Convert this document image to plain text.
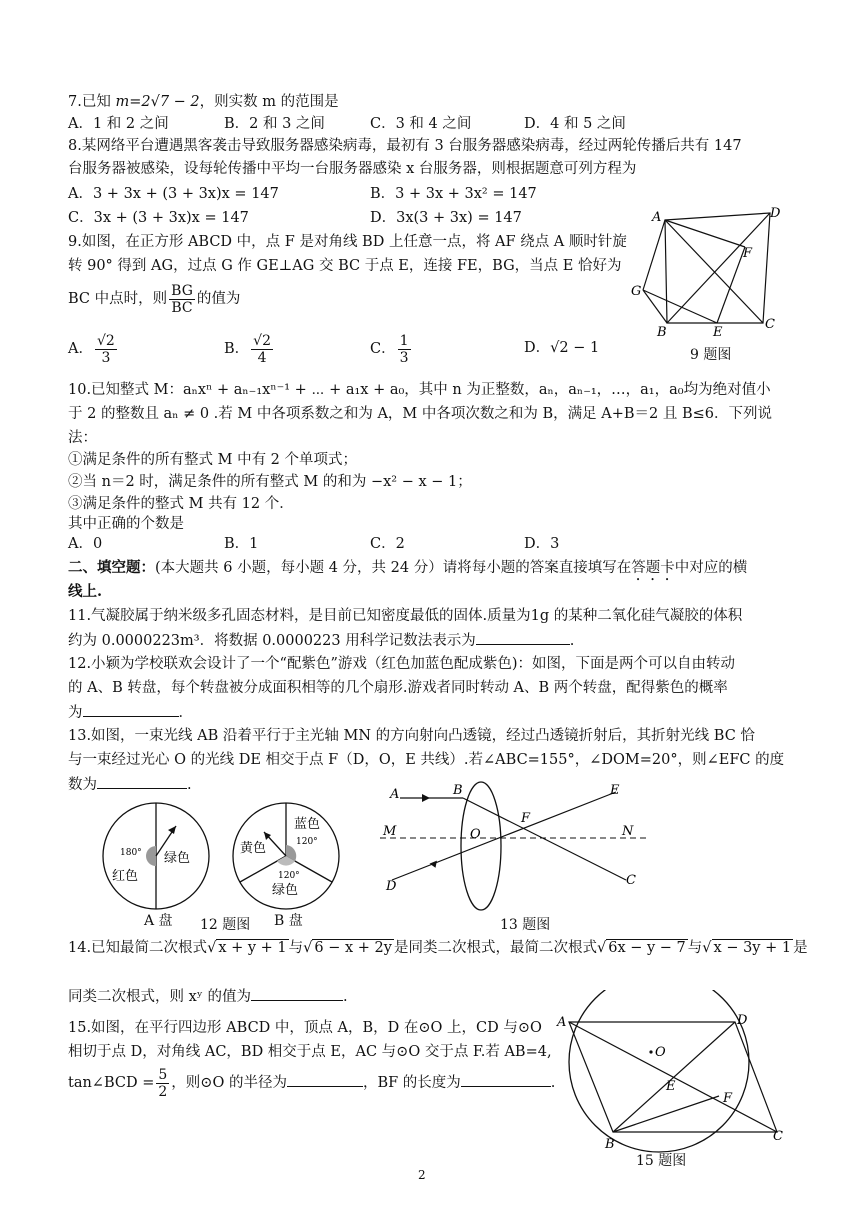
7.已知 m=2√7 − 2，则实数 m 的范围是
A．1 和 2 之间	B．2 和 3 之间	C．3 和 4 之间	D．4 和 5 之间
8.某网络平台遭遇黑客袭击导致服务器感染病毒，最初有 3 台服务器感染病毒，经过两轮传播后共有 147
台服务器被感染，设每轮传播中平均一台服务器感染 x 台服务器，则根据题意可列方程为
A．3 + 3x + (3 + 3x)x = 147	B．3 + 3x + 3x² = 147
C．3x + (3 + 3x)x = 147	D．3x(3 + 3x) = 147
9.如图，在正方形 ABCD 中，点 F 是对角线 BD 上任意一点，将 AF 绕点 A 顺时针旋
转 90° 得到 AG，过点 G 作 GE⊥AG 交 BC 于点 E，连接 FE，BG，当点 E 恰好为
BC 中点时，则 $\frac{BG}{BC}$ 的值为
A． $\frac{√2}{3}$	B． $\frac{√2}{4}$	C． $\frac{1}{3}$	D．√2 − 1
A	D
F
G
B	E
C
9 题图
10.已知整式 M：aₙxⁿ + aₙ₋₁xⁿ⁻¹ + ⋯ + a₁x + a₀，其中 n 为正整数，aₙ，aₙ₋₁，…，a₁，a₀均为绝对值小
于 2 的整数且 aₙ ≠ 0 .若 M 中各项系数之和为 A，M 中各项次数之和为 B，满足 A+B＝2 且 B≤6．下列说
法：
①满足条件的所有整式 M 中有 2 个单项式；
②当 n＝2 时，满足条件的所有整式 M 的和为 −x² − x − 1；
③满足条件的整式 M 共有 12 个．
其中正确的个数是
A．0	B．1	C．2	D．3
二、填空题：(本大题共 6 小题，每小题 4 分，共 24 分）请将每小题的答案直接填写在答题卡中对应的横
线上.
11.气凝胶属于纳米级多孔固态材料，是目前已知密度最低的固体.质量为1g 的某种二氧化硅气凝胶的体积
约为 0.0000223m³．将数据 0.0000223 用科学记数法表示为	.
12.小颖为学校联欢会设计了一个“配紫色”游戏（红色加蓝色配成紫色)：如图，下面是两个可以自由转动
的 A、B 转盘，每个转盘被分成面积相等的几个扇形.游戏者同时转动 A、B 两个转盘，配得紫色的概率
为	．
13.如图，一束光线 AB 沿着平行于主光轴 MN 的方向射向凸透镜，经过凸透镜折射后，其折射光线 BC 恰
与一束经过光心 O 的光线 DE 相交于点 F（D，O，E 共线）.若∠ABC=155°，∠DOM=20°，则∠EFC 的度
数为	.
180°
红色
绿色
蓝色
120°
黄色
120°
绿色
A 盘 12 题图 B 盘
A	B	E
M	O
F
N
D	C
13 题图
14.已知最简二次根式√ x + y + 1 与√ 6 − x + 2y 是同类二次根式，最简二次根式√ 6x − y − 7 与√ x − 3y + 1 是
同类二次根式，则 xʸ 的值为	.
15.如图，在平行四边形 ABCD 中，顶点 A，B，D 在⊙O 上，CD 与⊙O
相切于点 D，对角线 AC，BD 相交于点 E，AC 与⊙O 交于点 F.若 AB=4,
tan∠BCD = $\frac{5}{2}$ ，则⊙O 的半径为	，BF 的长度为	.
A	D
O
E
F
B
C
15 题图
2
